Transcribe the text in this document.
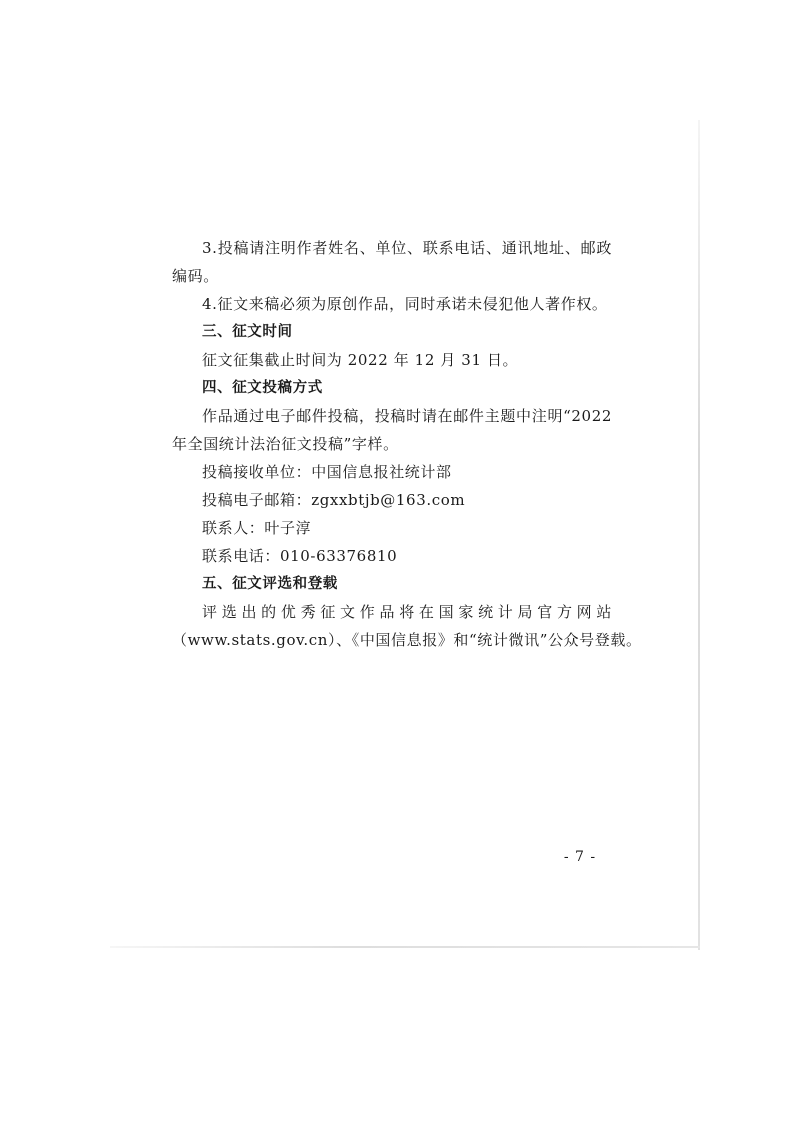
3.投稿请注明作者姓名、单位、联系电话、通讯地址、邮政
编码。
4.征文来稿必须为原创作品，同时承诺未侵犯他人著作权。
三、征文时间
征文征集截止时间为 2022 年 12 月 31 日。
四、征文投稿方式
作品通过电子邮件投稿，投稿时请在邮件主题中注明“2022
年全国统计法治征文投稿”字样。
投稿接收单位：中国信息报社统计部
投稿电子邮箱：zgxxbtjb@163.com
联系人：叶子淳
联系电话：010-63376810
五、征文评选和登载
评选出的优秀征文作品将在国家统计局官方网站
（www.stats.gov.cn）、《中国信息报》和“统计微讯”公众号登载。
- 7 -
